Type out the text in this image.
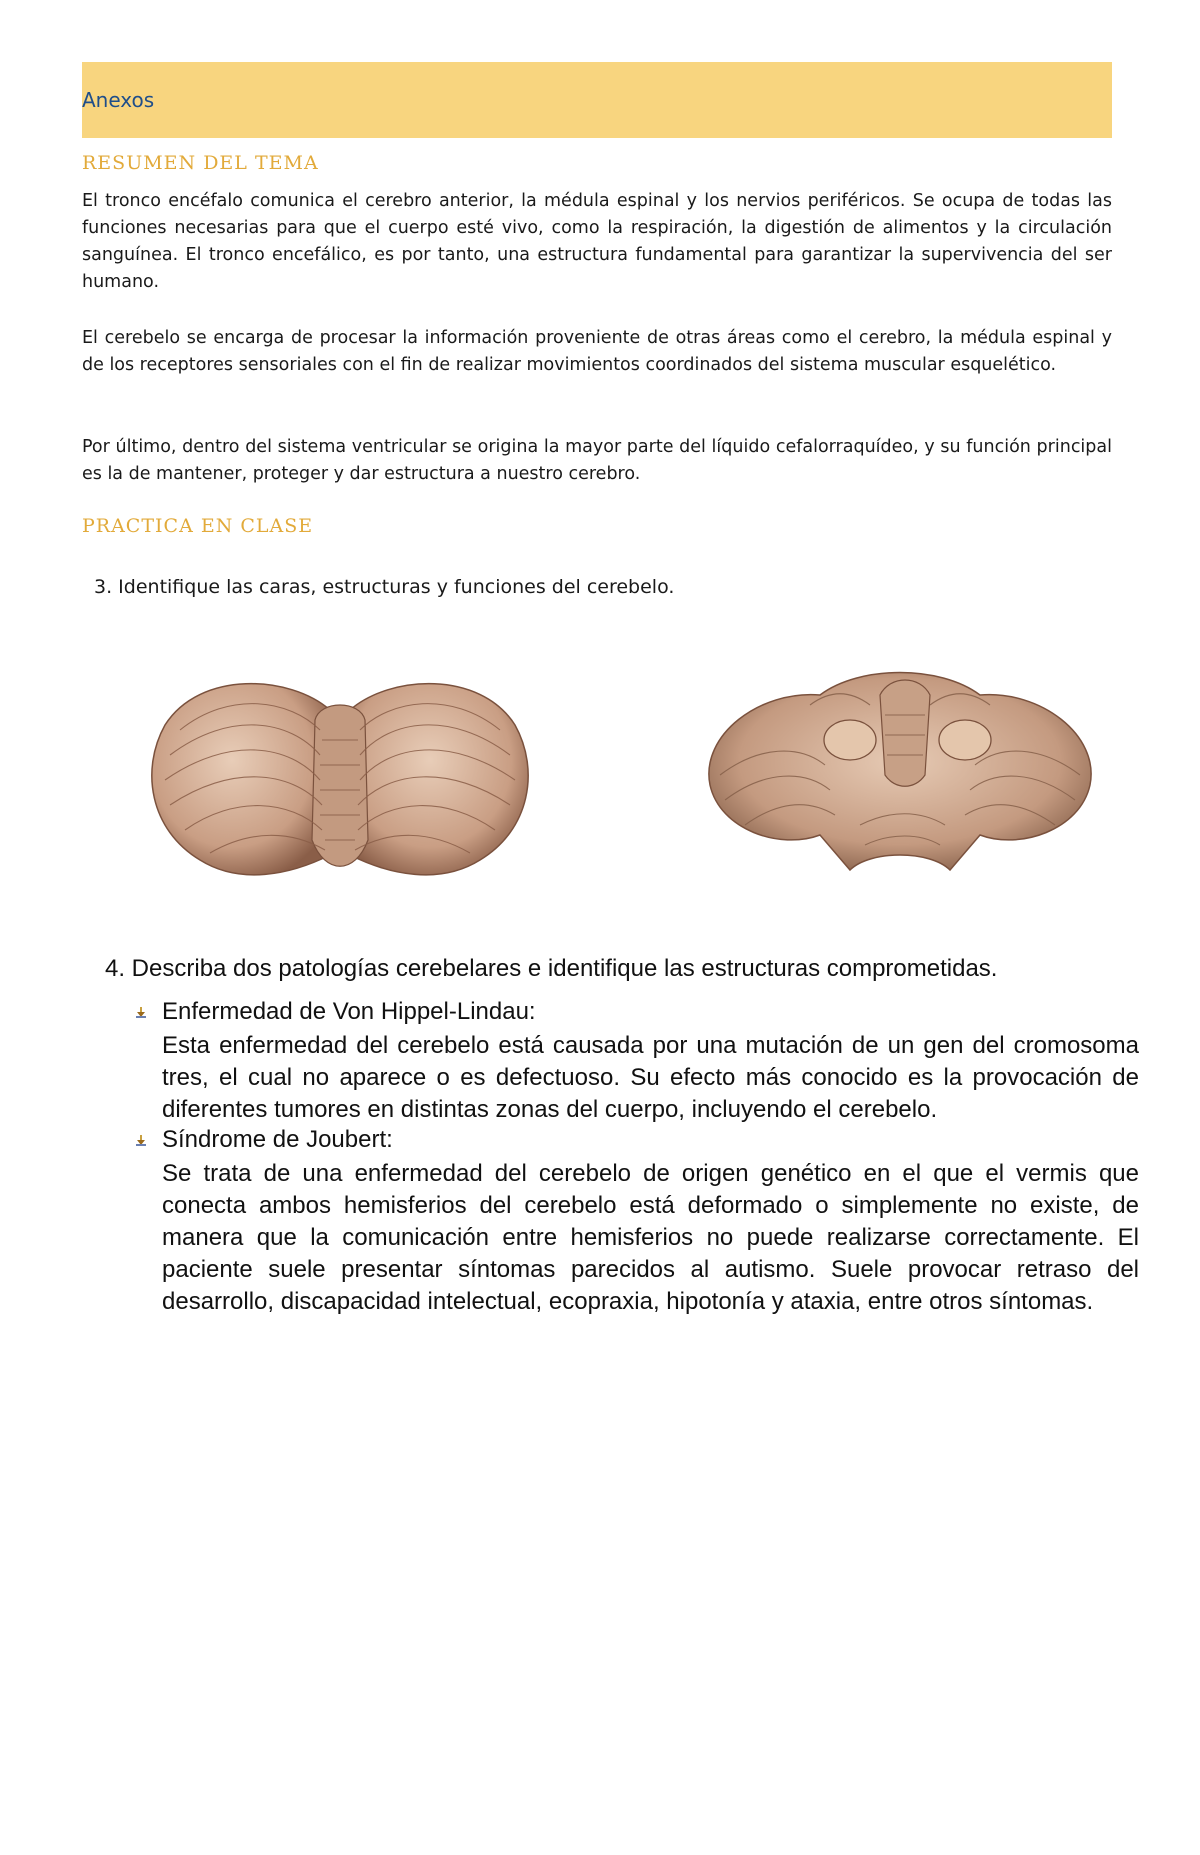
Anexos
RESUMEN DEL TEMA
El tronco encéfalo comunica el cerebro anterior, la médula espinal y los nervios periféricos. Se ocupa de todas las funciones necesarias para que el cuerpo esté vivo, como la respiración, la digestión de alimentos y la circulación sanguínea. El tronco encefálico, es por tanto, una estructura fundamental para garantizar la supervivencia del ser humano.
El cerebelo se encarga de procesar la información proveniente de otras áreas como el cerebro, la médula espinal y de los receptores sensoriales con el fin de realizar movimientos coordinados del sistema muscular esquelético.
Por último, dentro del sistema ventricular se origina la mayor parte del líquido cefalorraquídeo, y su función principal es la de mantener, proteger y dar estructura a nuestro cerebro.
PRACTICA EN CLASE
3. Identifique las caras, estructuras y funciones del cerebelo.
4. Describa dos patologías cerebelares e identifique las estructuras comprometidas.
Enfermedad de Von Hippel-Lindau:
Esta enfermedad del cerebelo está causada por una mutación de un gen del cromosoma tres, el cual no aparece o es defectuoso. Su efecto más conocido es la provocación de diferentes tumores en distintas zonas del cuerpo, incluyendo el cerebelo.
Síndrome de Joubert:
Se trata de una enfermedad del cerebelo de origen genético en el que el vermis que conecta ambos hemisferios del cerebelo está deformado o simplemente no existe, de manera que la comunicación entre hemisferios no puede realizarse correctamente. El paciente suele presentar síntomas parecidos al autismo. Suele provocar retraso del desarrollo, discapacidad intelectual, ecopraxia, hipotonía y ataxia, entre otros síntomas.
